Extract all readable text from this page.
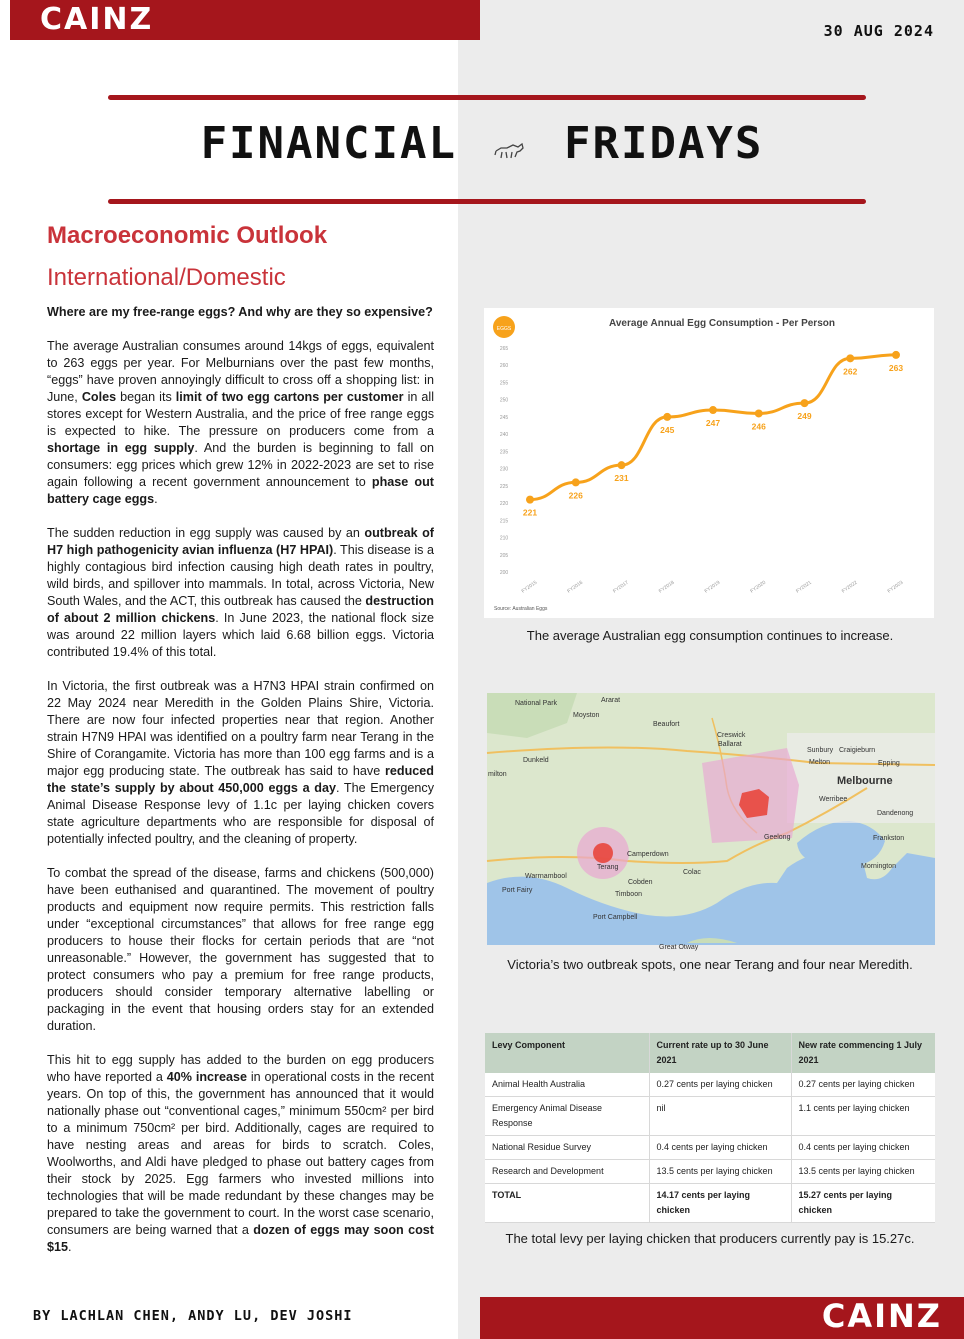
CAINZ	30 AUG 2024
FINANCIAL FRIDAYS
Macroeconomic Outlook
International/Domestic

Where are my free-range eggs? And why are they so expensive?

The average Australian consumes around 14kgs of eggs, equivalent to 263 eggs per year. For Melburnians over the past few months, “eggs” have proven annoyingly difficult to cross off a shopping list: in June, Coles began its limit of two egg cartons per customer in all stores except for Western Australia, and the price of free range eggs is expected to hike. The pressure on producers come from a shortage in egg supply. And the burden is beginning to fall on consumers: egg prices which grew 12% in 2022-2023 are set to rise again following a recent government announcement to phase out battery cage eggs.

The sudden reduction in egg supply was caused by an outbreak of H7 high pathogenicity avian influenza (H7 HPAI). This disease is a highly contagious bird infection causing high death rates in poultry, wild birds, and spillover into mammals. In total, across Victoria, New South Wales, and the ACT, this outbreak has caused the destruction of about 2 million chickens. In June 2023, the national flock size was around 22 million layers which laid 6.68 billion eggs. Victoria contributed 19.4% of this total.

In Victoria, the first outbreak was a H7N3 HPAI strain confirmed on 22 May 2024 near Meredith in the Golden Plains Shire, Victoria. There are now four infected properties near that region. Another strain H7N9 HPAI was identified on a poultry farm near Terang in the Shire of Corangamite. Victoria has more than 100 egg farms and is a major egg producing state. The outbreak has said to have reduced the state’s supply by about 450,000 eggs a day. The Emergency Animal Disease Response levy of 1.1c per laying chicken covers state agriculture departments who are responsible for disposal of potentially infected poultry, and the cleaning of property.

To combat the spread of the disease, farms and chickens (500,000) have been euthanised and quarantined. The movement of poultry products and equipment now require permits. This restriction falls under “exceptional circumstances” that allows for free range egg producers to house their flocks for certain periods that are “not unreasonable.” However, the government has suggested that to protect consumers who pay a premium for free range products, producers should consider temporary alternative labelling or packaging in the event that housing orders stay for an extended duration.

This hit to egg supply has added to the burden on egg producers who have reported a 40% increase in operational costs in the recent years. On top of this, the government has announced that it would nationally phase out “conventional cages,” minimum 550cm² per bird to a minimum 750cm² per bird. Additionally, cages are required to have nesting areas and areas for birds to scratch. Coles, Woolworths, and Aldi have pledged to phase out battery cages from their stock by 2025. Egg farmers who invested millions into technologies that will be made redundant by these changes may be prepared to take the government to court. In the worst case scenario, consumers are being warned that a dozen of eggs may soon cost $15.

BY LACHLAN CHEN, ANDY LU, DEV JOSHI	CAINZ
EGGS	Average Annual Egg Consumption - Per Person
200
205
210
215
220
225
230
235
240
245
250
255
260
265
FY2015	FY2016	FY2017	FY2018	FY2019	FY2020	FY2021	FY2022	FY2023
221
226
231
245
247	246
249
262	263
Source: Australian Eggs
The average Australian egg consumption continues to increase.
National Park	Ararat
Moyston
Beaufort
Creswick
Ballarat
Dunkeld
Sunbury Craigieburn
Melton	Epping
Melbourne
Werribee
Dandenong
Geelong	Frankston
Mornington
Camperdown
Terang
Colac
Warrnambool
Cobden
Port Fairy
Timboon
Port Campbell
Great Otway
milton
Victoria’s two outbreak spots, one near Terang and four near Meredith.
Levy Component	Current rate up to 30 June 2021	New rate commencing 1 July 2021
Animal Health Australia	0.27 cents per laying chicken	0.27 cents per laying chicken
Emergency Animal Disease Response	nil	1.1 cents per laying chicken
National Residue Survey	0.4 cents per laying chicken	0.4 cents per laying chicken
Research and Development	13.5 cents per laying chicken	13.5 cents per laying chicken
TOTAL	14.17 cents per laying chicken	15.27 cents per laying chicken
The total levy per laying chicken that producers currently pay is 15.27c.
